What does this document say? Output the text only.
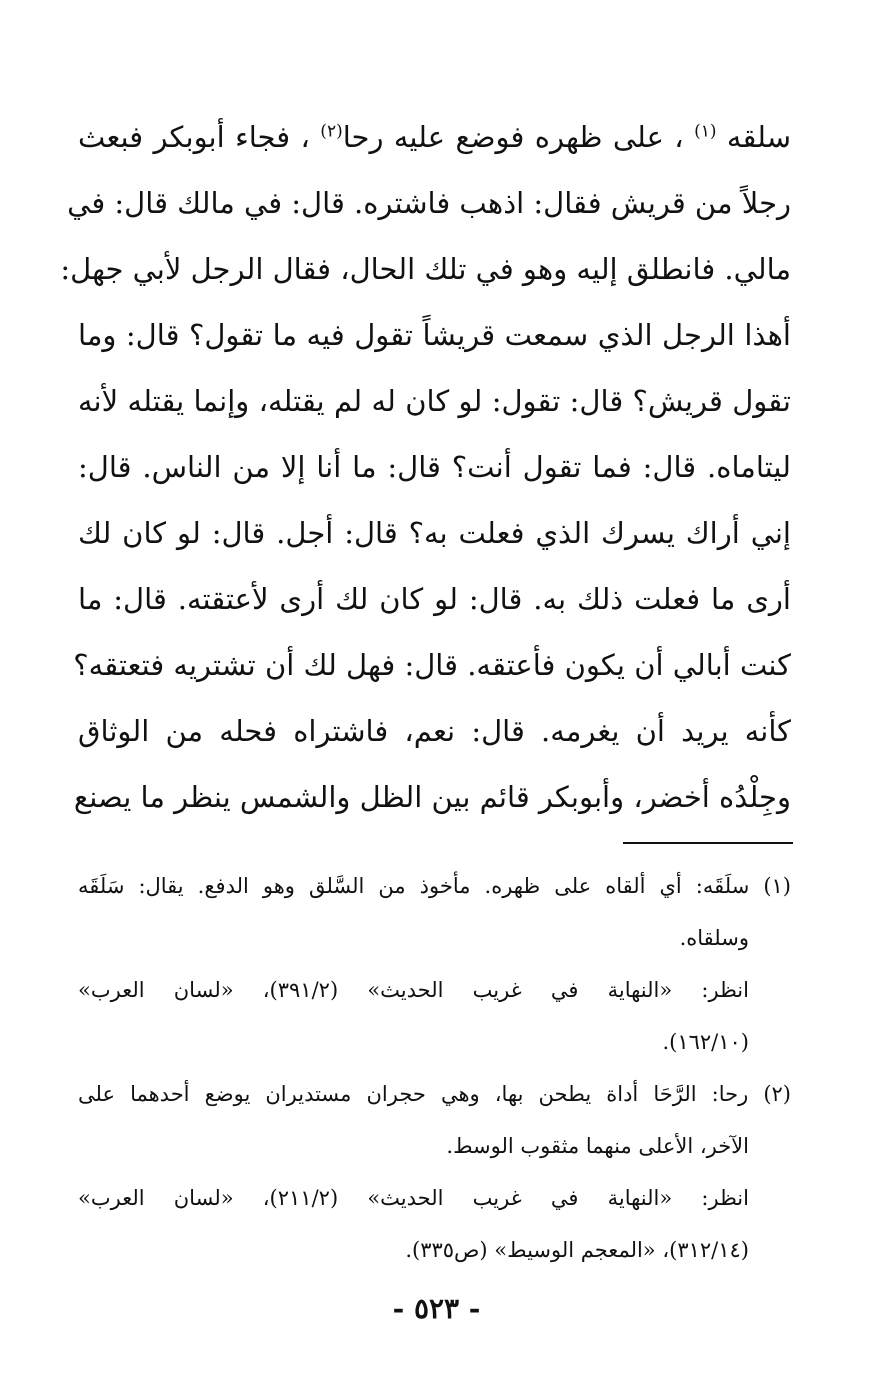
سلقه $^{(١)}$ ، على ظهره فوضع عليه رحا$^{(٢)}$ ، فجاء أبوبكر فبعث
رجلاً من قريش فقال: اذهب فاشتره. قال: في مالك قال: في
مالي. فانطلق إليه وهو في تلك الحال، فقال الرجل لأبي جهل:
أهذا الرجل الذي سمعت قريشاً تقول فيه ما تقول؟ قال: وما
تقول قريش؟ قال: تقول: لو كان له لم يقتله، وإنما يقتله لأنه
ليتاماه. قال: فما تقول أنت؟ قال: ما أنا إلا من الناس. قال:
إني أراك يسرك الذي فعلت به؟ قال: أجل. قال: لو كان لك
أرى ما فعلت ذلك به. قال: لو كان لك أرى لأعتقته. قال: ما
كنت أبالي أن يكون فأعتقه. قال: فهل لك أن تشتريه فتعتقه؟
كأنه يريد أن يغرمه. قال: نعم، فاشتراه فحله من الوثاق
وجِلْدُه أخضر، وأبوبكر قائم بين الظل والشمس ينظر ما يصنع
(١) سلَقَه: أي ألقاه على ظهره. مأخوذ من السَّلق وهو الدفع. يقال: سَلَقَه
وسلقاه.
انظر: «النهاية في غريب الحديث» (٣٩١/٢)، «لسان العرب»
(١٦٢/١٠).
(٢) رحا: الرَّحَا أداة يطحن بها، وهي حجران مستديران يوضع أحدهما على
الآخر، الأعلى منهما مثقوب الوسط.
انظر: «النهاية في غريب الحديث» (٢١١/٢)، «لسان العرب»
(٣١٢/١٤)، «المعجم الوسيط» (ص٣٣٥).
- ٥٢٣ -
